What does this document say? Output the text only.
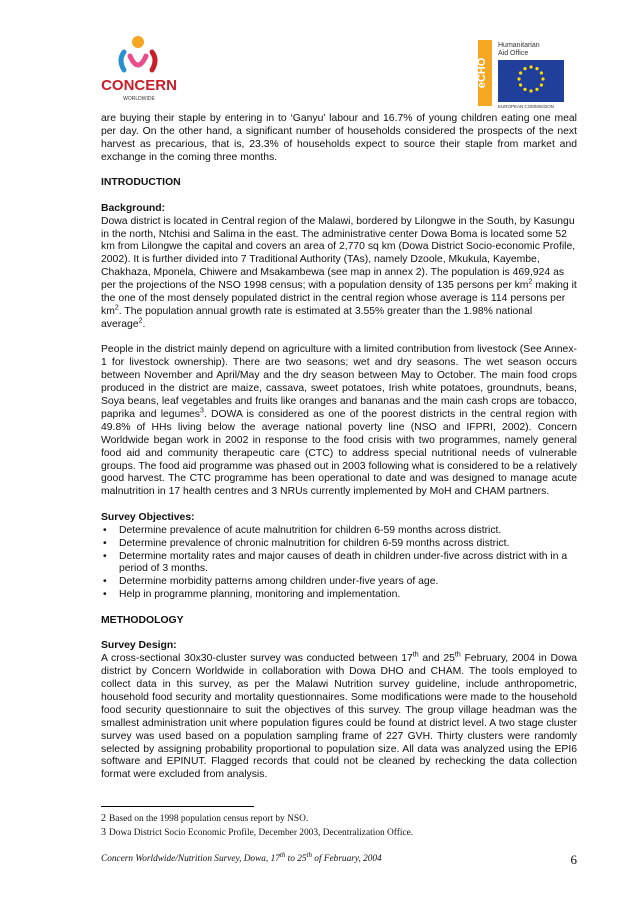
CONCERN
WORLDWIDE
eCHO
Humanitarian
Aid Office
EUROPEAN COMMISSION

are buying their staple by entering in to ‘Ganyu’ labour and 16.7% of young children eating one meal per day. On the other hand, a significant number of households considered the prospects of the next harvest as precarious, that is, 23.3% of households expect to source their staple from market and exchange in the coming three months.

INTRODUCTION

Background:

Dowa district is located in Central region of the Malawi, bordered by Lilongwe in the South, by Kasungu in the north, Ntchisi and Salima in the east. The administrative center Dowa Boma is located some 52 km from Lilongwe the capital and covers an area of 2,770 sq km (Dowa District Socio-economic Profile, 2002). It is further divided into 7 Traditional Authority (TAs), namely Dzoole, Mkukula, Kayembe, Chakhaza, Mponela, Chiwere and Msakambewa (see map in annex 2). The population is 469,924 as per the projections of the NSO 1998 census; with a population density of 135 persons per $km^2$ making it the one of the most densely populated district in the central region whose average is 114 persons per $km^2$. The population annual growth rate is estimated at 3.55% greater than the 1.98% national average$^2$.

People in the district mainly depend on agriculture with a limited contribution from livestock (See Annex-1 for livestock ownership). There are two seasons; wet and dry seasons. The wet season occurs between November and April/May and the dry season between May to October. The main food crops produced in the district are maize, cassava, sweet potatoes, Irish white potatoes, groundnuts, beans, Soya beans, leaf vegetables and fruits like oranges and bananas and the main cash crops are tobacco, paprika and legumes$^3$. DOWA is considered as one of the poorest districts in the central region with 49.8% of HHs living below the average national poverty line (NSO and IFPRI, 2002). Concern Worldwide began work in 2002 in response to the food crisis with two programmes, namely general food aid and community therapeutic care (CTC) to address special nutritional needs of vulnerable groups. The food aid programme was phased out in 2003 following what is considered to be a relatively good harvest. The CTC programme has been operational to date and was designed to manage acute malnutrition in 17 health centres and 3 NRUs currently implemented by MoH and CHAM partners.

Survey Objectives:

• Determine prevalence of acute malnutrition for children 6-59 months across district.
• Determine prevalence of chronic malnutrition for children 6-59 months across district.
• Determine mortality rates and major causes of death in children under-five across district with in a period of 3 months.
• Determine morbidity patterns among children under-five years of age.
• Help in programme planning, monitoring and implementation.

METHODOLOGY

Survey Design:

A cross-sectional 30x30-cluster survey was conducted between 17th and 25th February, 2004 in Dowa district by Concern Worldwide in collaboration with Dowa DHO and CHAM. The tools employed to collect data in this survey, as per the Malawi Nutrition survey guideline, include anthropometric, household food security and mortality questionnaires. Some modifications were made to the household food security questionnaire to suit the objectives of this survey. The group village headman was the smallest administration unit where population figures could be found at district level. A two stage cluster survey was used based on a population sampling frame of 227 GVH. Thirty clusters were randomly selected by assigning probability proportional to population size. All data was analyzed using the EPI6 software and EPINUT. Flagged records that could not be cleaned by rechecking the data collection format were excluded from analysis.

2 Based on the 1998 population census report by NSO.
3 Dowa District Socio Economic Profile, December 2003, Decentralization Office.
Concern Worldwide/Nutrition Survey, Dowa, 17th to 25th of February, 2004	6
